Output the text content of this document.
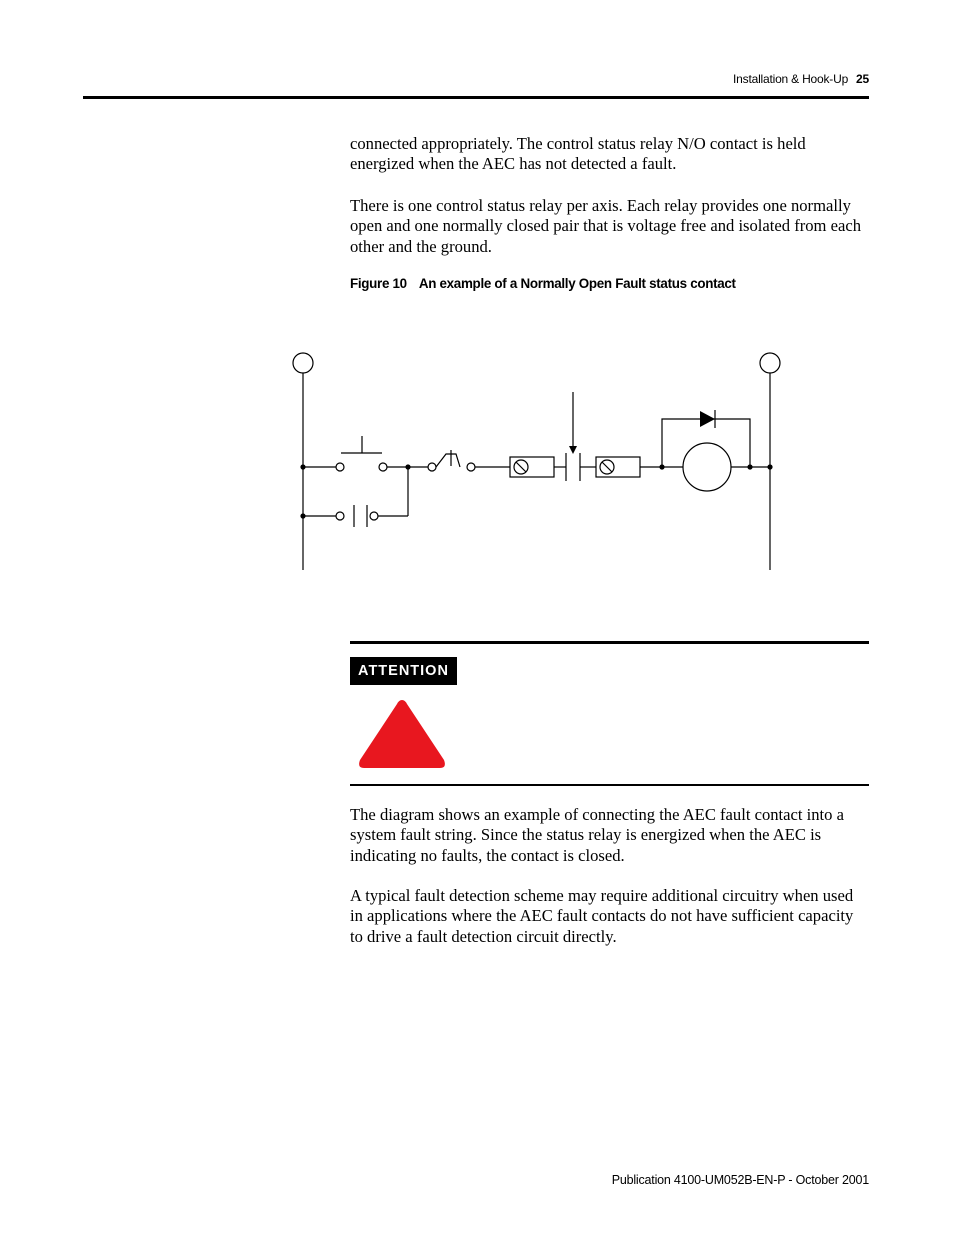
Installation & Hook-Up 25

connected appropriately. The control status relay N/O contact is held energized when the AEC has not detected a fault.

There is one control status relay per axis. Each relay provides one normally open and one normally closed pair that is voltage free and isolated from each other and the ground.

Figure 10 An example of a Normally Open Fault status contact

ATTENTION

The diagram shows an example of connecting the AEC fault contact into a system fault string. Since the status relay is energized when the AEC is indicating no faults, the contact is closed.

A typical fault detection scheme may require additional circuitry when used in applications where the AEC fault contacts do not have sufficient capacity to drive a fault detection circuit directly.

Publication 4100-UM052B-EN-P - October 2001
